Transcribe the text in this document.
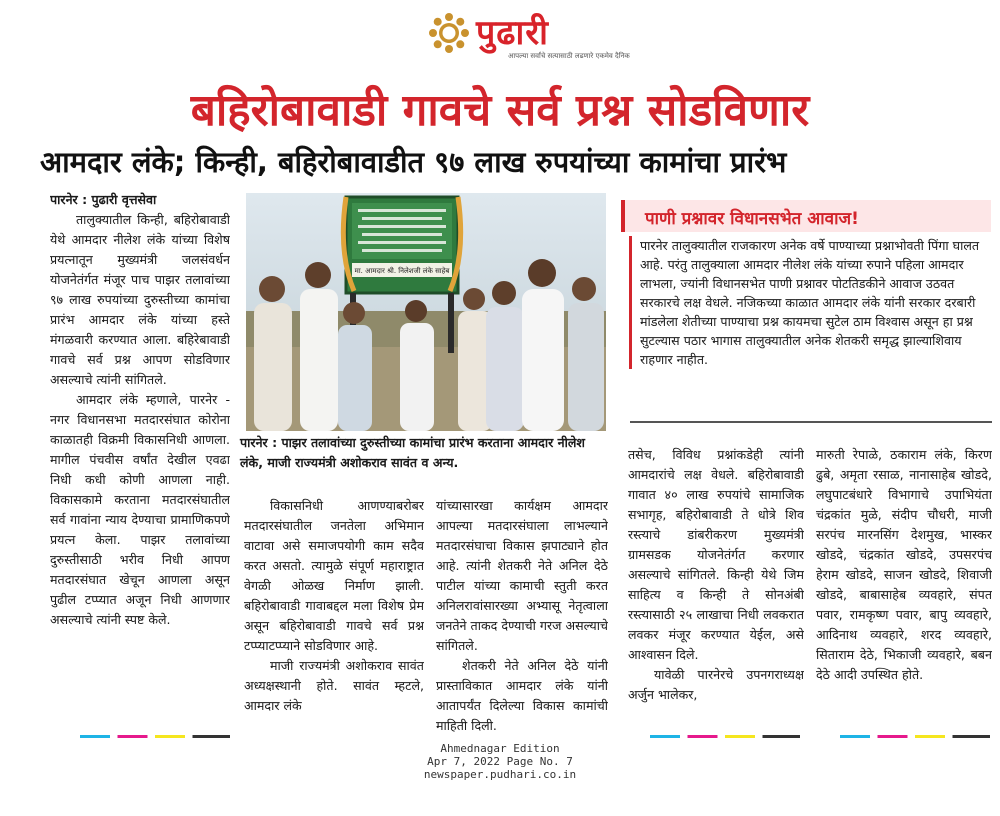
पुढारी
आपल्या सर्वांचे सत्यासाठी लढणारे एकमेव दैनिक
बहिरोबावाडी गावचे सर्व प्रश्न सोडविणार
आमदार लंके; किन्ही, बहिरोबावाडीत ९७ लाख रुपयांच्या कामांचा प्रारंभ

पारनेर : पुढारी वृत्तसेवा

तालुक्यातील किन्ही, बहिरोबावाडी येथे आमदार नीलेश लंके यांच्या विशेष प्रयत्नातून मुख्यमंत्री जलसंवर्धन योजनेतंर्गत मंजूर पाच पाझर तलावांच्या ९७ लाख रुपयांच्या दुरुस्तीच्या कामांचा प्रारंभ आमदार लंके यांच्या हस्ते मंगळवारी करण्यात आला. बहिरेबावाडी गावचे सर्व प्रश्न आपण सोडविणार असल्याचे त्यांनी सांगितले.

आमदार लंके म्हणाले, पारनेर - नगर विधानसभा मतदारसंघात कोरोना काळातही विक्रमी विकासनिधी आणला. मागील पंचवीस वर्षांत देखील एवढा निधी कधी कोणी आणला नाही. विकासकामे करताना मतदारसंघातील सर्व गावांना न्याय देण्याचा प्रामाणिकपणे प्रयत्न केला. पाझर तलावांच्या दुरुस्तीसाठी भरीव निधी आपण मतदारसंघात खेचून आणला असून पुढील टप्प्यात अजून निधी आणणार असल्याचे त्यांनी स्पष्ट केले.

मा. आमदार श्री. निलेशजी लंके साहेब
पारनेर : पाझर तलावांच्या दुरुस्तीच्या कामांचा प्रारंभ करताना आमदार नीलेश लंके, माजी राज्यमंत्री अशोकराव सावंत व अन्य.
पाणी प्रश्नावर विधानसभेत आवाज!
पारनेर तालुक्यातील राजकारण अनेक वर्षे पाण्याच्या प्रश्नाभोवती पिंगा घालत आहे. परंतु तालुक्याला आमदार नीलेश लंके यांच्या रुपाने पहिला आमदार लाभला, ज्यांनी विधानसभेत पाणी प्रश्नावर पोटतिडकीने आवाज उठवत सरकारचे लक्ष वेधले. नजिकच्या काळात आमदार लंके यांनी सरकार दरबारी मांडलेला शेतीच्या पाण्याचा प्रश्न कायमचा सुटेल ठाम विश्वास असून हा प्रश्न सुटल्यास पठार भागास तालुक्यातील अनेक शेतकरी समृद्ध झाल्याशिवाय राहणार नाहीत.

विकासनिधी आणण्याबरोबर मतदारसंघातील जनतेला अभिमान वाटावा असे समाजपयोगी काम सदैव करत असतो. त्यामुळे संपूर्ण महाराष्ट्रात वेगळी ओळख निर्माण झाली. बहिरोबावाडी गावाबद्दल मला विशेष प्रेम असून बहिरोबावाडी गावचे सर्व प्रश्न टप्प्याटप्प्याने सोडविणार आहे.

माजी राज्यमंत्री अशोकराव सावंत अध्यक्षस्थानी होते. सावंत म्हटले, आमदार लंके

यांच्यासारखा कार्यक्षम आमदार आपल्या मतदारसंघाला लाभल्याने मतदारसंघाचा विकास झपाट्याने होत आहे. त्यांनी शेतकरी नेते अनिल देठे पाटील यांच्या कामाची स्तुती करत अनिलरावांसारख्या अभ्यासू नेतृत्वाला जनतेने ताकद देण्याची गरज असल्याचे सांगितले.

शेतकरी नेते अनिल देठे यांनी प्रास्ताविकात आमदार लंके यांनी आतापर्यंत दिलेल्या विकास कामांची माहिती दिली.

तसेच, विविध प्रश्नांकडेही त्यांनी आमदारांचे लक्ष वेधले. बहिरोबावाडी गावात ४० लाख रुपयांचे सामाजिक सभागृह, बहिरोबावाडी ते धोत्रे शिव रस्त्याचे डांबरीकरण मुख्यमंत्री ग्रामसडक योजनेतंर्गत करणार असल्याचे सांगितले. किन्ही येथे जिम साहित्य व किन्ही ते सोनअंबी रस्त्यासाठी २५ लाखाचा निधी लवकरात लवकर मंजूर करण्यात येईल, असे आश्वासन दिले.

यावेळी पारनेरचे उपनगराध्यक्ष अर्जुन भालेकर,

मारुती रेपाळे, ठकाराम लंके, किरण ढुबे, अमृता रसाळ, नानासाहेब खोडदे, लघुपाटबंधारे विभागाचे उपाभियंता चंद्रकांत मुळे, संदीप चौधरी, माजी सरपंच मारनसिंग देशमुख, भास्कर खोडदे, चंद्रकांत खोडदे, उपसरपंच हेराम खोडदे, साजन खोडदे, शिवाजी खोडदे, बाबासाहेब व्यवहारे, संपत पवार, रामकृष्ण पवार, बापु व्यवहारे, आदिनाथ व्यवहारे, शरद व्यवहारे, सिताराम देठे, भिकाजी व्यवहारे, बबन देठे आदी उपस्थित होते.

Ahmednagar Edition
Apr 7, 2022 Page No. 7
newspaper.pudhari.co.in
